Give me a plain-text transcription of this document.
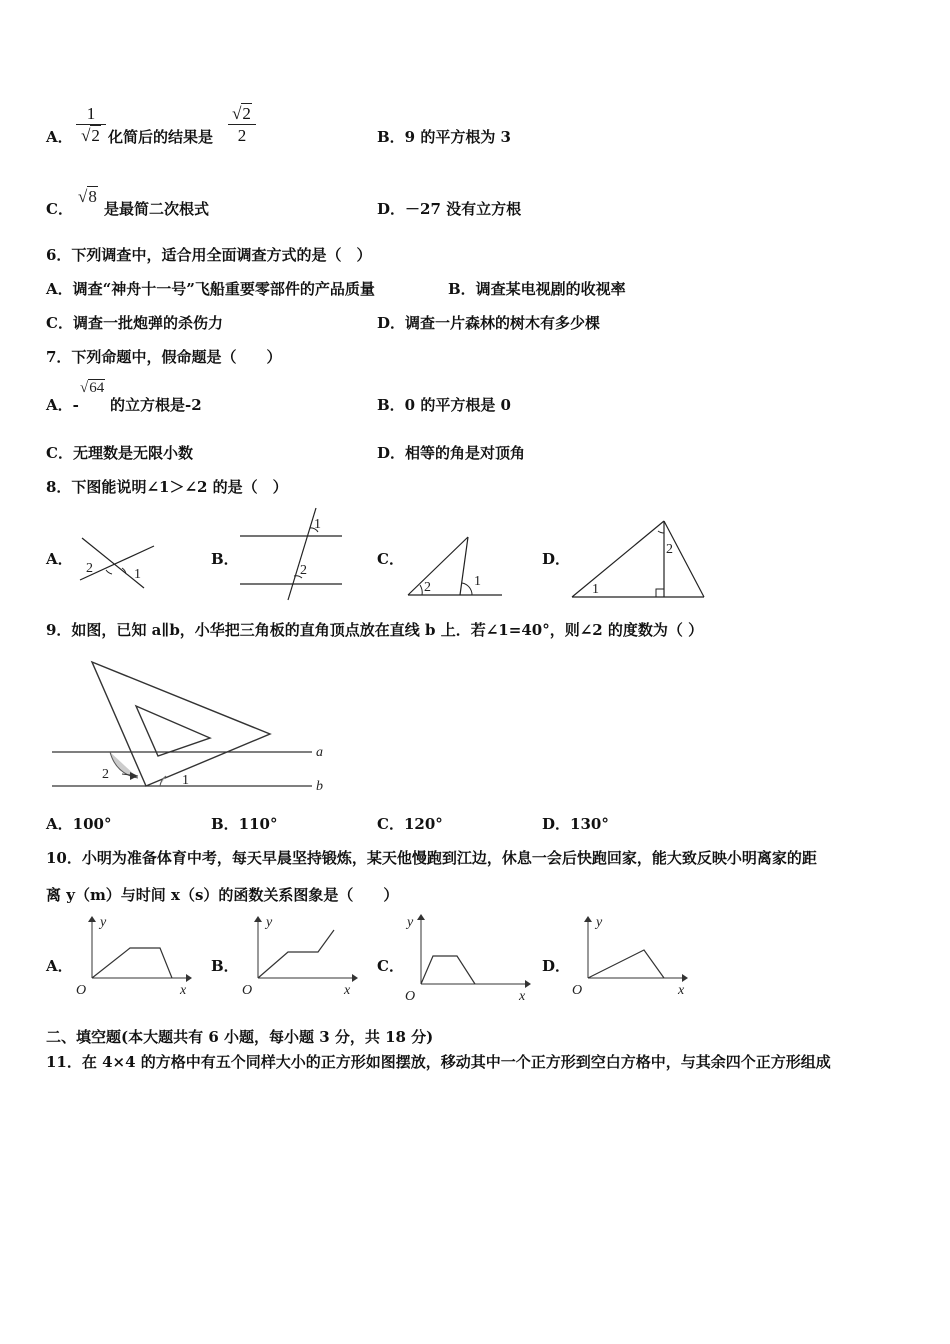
A． $\frac{1}{√2}$ 化简后的结果是 $\frac{√2}{2}$	B．9 的平方根为 3
C．
√8
是最简二次根式	D．－27 没有立方根
6．下列调查中，适合用全面调查方式的是（　）
A．调查“神舟十一号”飞船重要零部件的产品质量	B．调查某电视剧的收视率
C．调查一批炮弹的杀伤力	D．调查一片森林的树木有多少棵
7．下列命题中，假命题是（　　）
A．-
√64
的立方根是-2	B．0 的平方根是 0
C．无理数是无限小数	D．相等的角是对顶角
8．下图能说明∠1＞∠2 的是（　）
A．	B．	C．	D．
2	1
1
2
2	1
1
2
9．如图，已知 a∥b，小华把三角板的直角顶点放在直线 b 上．若∠1=40°，则∠2 的度数为（ ）
a
b
2	1
A．100°	B．110°	C．120°	D．130°
10．小明为准备体育中考，每天早晨坚持锻炼，某天他慢跑到江边，休息一会后快跑回家，能大致反映小明离家的距
离 y（m）与时间 x（s）的函数关系图象是（　　）
A．	B．	C．	D．
y
O	x
y
O	x
y
O	x
y
O	x
二、填空题(本大题共有 6 小题，每小题 3 分，共 18 分)
11．在 4×4 的方格中有五个同样大小的正方形如图摆放，移动其中一个正方形到空白方格中，与其余四个正方形组成
